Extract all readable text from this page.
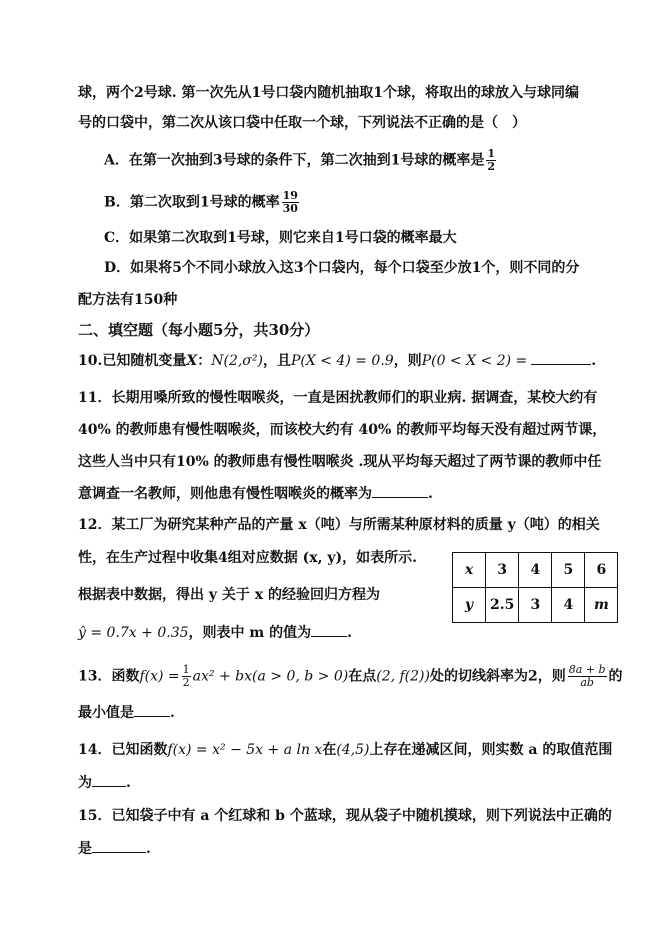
球，两个2号球. 第一次先从1号口袋内随机抽取1个球，将取出的球放入与球同编
号的口袋中，第二次从该口袋中任取一个球，下列说法不正确的是（　）
A．在第一次抽到3号球的条件下，第二次抽到1号球的概率是 $\frac{1}{2}$
B．第二次取到1号球的概率 $\frac{19}{30}$
C．如果第二次取到1号球，则它来自1号口袋的概率最大
D．如果将5个不同小球放入这3个口袋内，每个口袋至少放1个，则不同的分
配方法有150种
二、填空题（每小题5分，共30分）
10.已知随机变量X：N(2,σ²)，且P(X < 4) = 0.9，则P(0 < X < 2) =	.
11．长期用嗓所致的慢性咽喉炎，一直是困扰教师们的职业病. 据调查，某校大约有
40% 的教师患有慢性咽喉炎，而该校大约有 40% 的教师平均每天没有超过两节课，
这些人当中只有10% 的教师患有慢性咽喉炎 .现从平均每天超过了两节课的教师中任
意调查一名教师，则他患有慢性咽喉炎的概率为	.
12．某工厂为研究某种产品的产量 x（吨）与所需某种原材料的质量 y（吨）的相关
性，在生产过程中收集4组对应数据 (x, y)，如表所示.
根据表中数据，得出 y 关于 x 的经验回归方程为
ŷ = 0.7x + 0.35，则表中 m 的值为	.
x	3	4	5	6
y	2.5	3	4	m
13．函数$f(x) = \frac{1}{2} ax^2 + bx(a > 0$, b > 0)在点(2, f(2))处的切线斜率为2，则 $\frac{8a + b}{ab}$ 的
最小值是	.
14．已知函数f(x) = x² − 5x + a ln x在(4,5)上存在递减区间，则实数 a 的取值范围
为 .
15．已知袋子中有 a 个红球和 b 个蓝球，现从袋子中随机摸球，则下列说法中正确的
是	.
